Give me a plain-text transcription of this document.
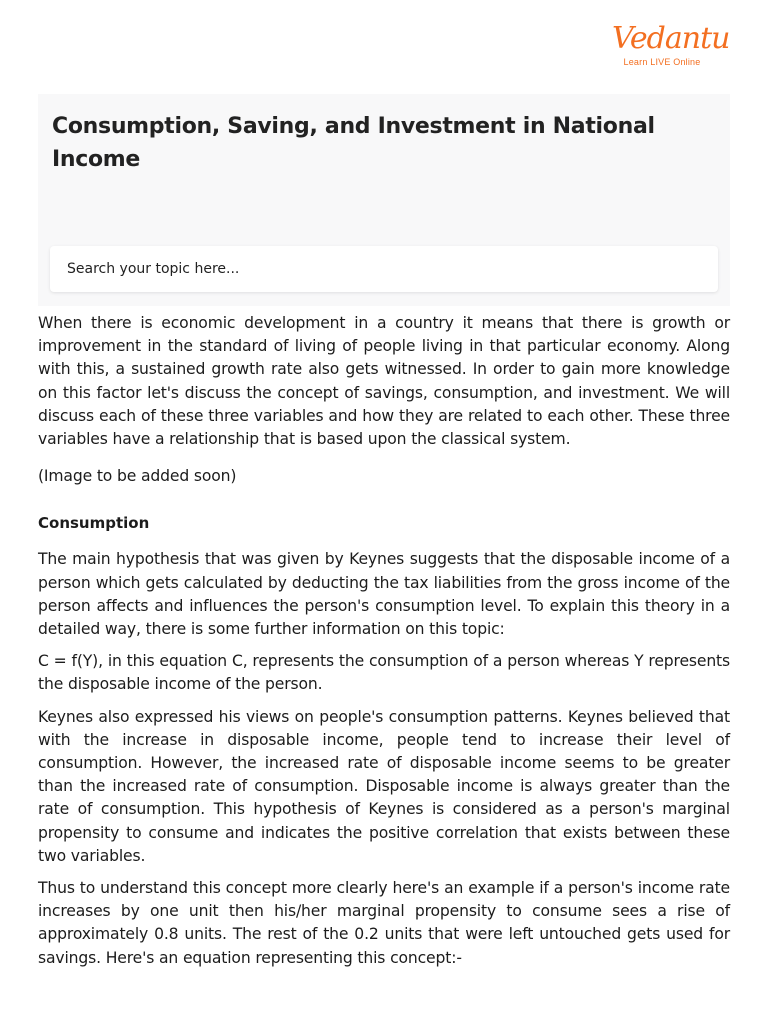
Vedantu
Learn LIVE Online
Consumption, Saving, and Investment in National Income
Search your topic here...

When there is economic development in a country it means that there is growth or improvement in the standard of living of people living in that particular economy. Along with this, a sustained growth rate also gets witnessed. In order to gain more knowledge on this factor let's discuss the concept of savings, consumption, and investment. We will discuss each of these three variables and how they are related to each other. These three variables have a relationship that is based upon the classical system.

(Image to be added soon)

Consumption

The main hypothesis that was given by Keynes suggests that the disposable income of a person which gets calculated by deducting the tax liabilities from the gross income of the person affects and influences the person's consumption level. To explain this theory in a detailed way, there is some further information on this topic:

C = f(Y), in this equation C, represents the consumption of a person whereas Y represents the disposable income of the person.

Keynes also expressed his views on people's consumption patterns. Keynes believed that with the increase in disposable income, people tend to increase their level of consumption. However, the increased rate of disposable income seems to be greater than the increased rate of consumption. Disposable income is always greater than the rate of consumption. This hypothesis of Keynes is considered as a person's marginal propensity to consume and indicates the positive correlation that exists between these two variables.

Thus to understand this concept more clearly here's an example if a person's income rate increases by one unit then his/her marginal propensity to consume sees a rise of approximately 0.8 units. The rest of the 0.2 units that were left untouched gets used for savings. Here's an equation representing this concept:-
